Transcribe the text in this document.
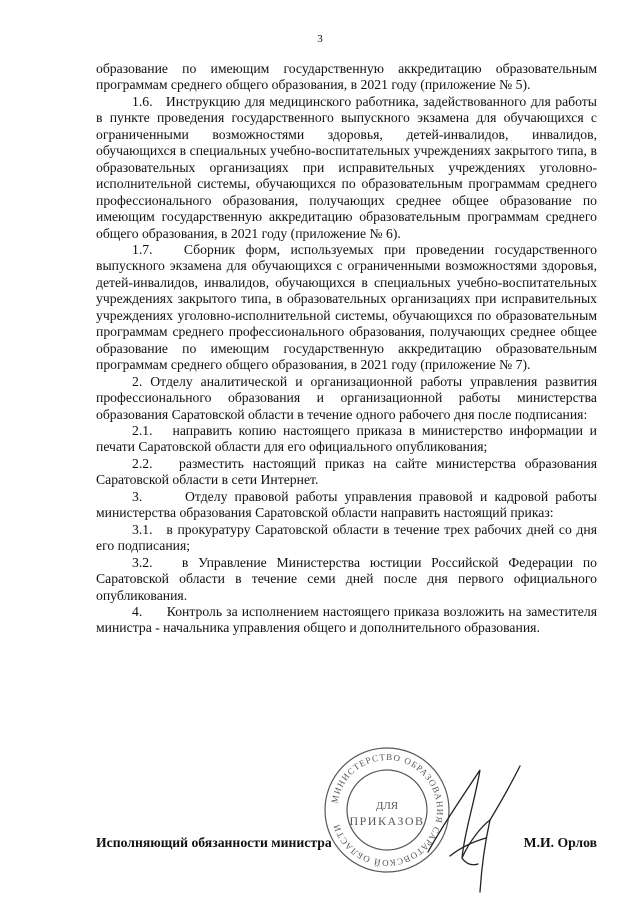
3

образование по имеющим государственную аккредитацию образовательным программам среднего общего образования, в 2021 году (приложение № 5).

1.6.   Инструкцию для медицинского работника, задействованного для работы в пункте проведения государственного выпускного экзамена для обучающихся с ограниченными возможностями здоровья, детей-инвалидов, инвалидов, обучающихся в специальных учебно-воспитательных учреждениях закрытого типа, в образовательных организациях при исправительных учреждениях уголовно-исполнительной системы, обучающихся по образовательным программам среднего профессионального образования, получающих среднее общее образование по имеющим государственную аккредитацию образовательным программам среднего общего образования, в 2021 году (приложение № 6).

1.7.   Сборник форм, используемых при проведении государственного выпускного экзамена для обучающихся с ограниченными возможностями здоровья, детей-инвалидов, инвалидов, обучающихся в специальных учебно-воспитательных учреждениях закрытого типа, в образовательных организациях при исправительных учреждениях уголовно-исполнительной системы, обучающихся по образовательным программам среднего профессионального образования, получающих среднее общее образование по имеющим государственную аккредитацию образовательным программам среднего общего образования, в 2021 году (приложение № 7).

2. Отделу аналитической и организационной работы управления развития профессионального образования и организационной работы министерства образования Саратовской области в течение одного рабочего дня после подписания:

2.1.   направить копию настоящего приказа в министерство информации и печати Саратовской области для его официального опубликования;

2.2.   разместить настоящий приказ на сайте министерства образования Саратовской области в сети Интернет.

3.      Отделу правовой работы управления правовой и кадровой работы министерства образования Саратовской области направить настоящий приказ:

3.1.   в прокуратуру Саратовской области в течение трех рабочих дней со дня его подписания;

3.2.   в Управление Министерства юстиции Российской Федерации по Саратовской области в течение семи дней после дня первого официального опубликования.

4.      Контроль за исполнением настоящего приказа возложить на заместителя министра - начальника управления общего и дополнительного образования.

МИНИСТЕРСТВО ОБРАЗОВАНИЯ САРАТОВСКОЙ ОБЛАСТИ
ДЛЯ
ПРИКАЗОВ
Исполняющий обязанности министра	М.И. Орлов
